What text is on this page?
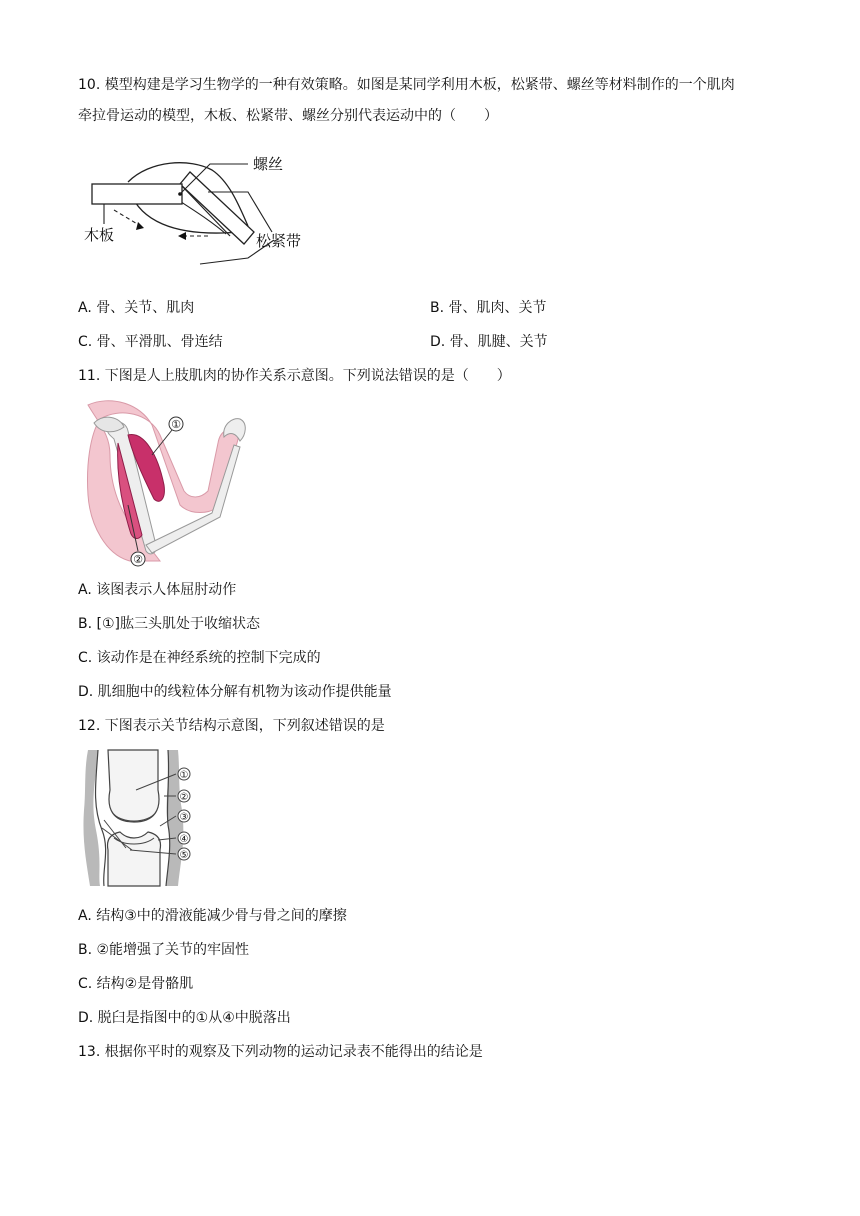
10. 模型构建是学习生物学的一种有效策略。如图是某同学利用木板，松紧带、螺丝等材料制作的一个肌肉
牵拉骨运动的模型，木板、松紧带、螺丝分别代表运动中的（　　）
螺丝
木板	松紧带
A. 骨、关节、肌肉	B. 骨、肌肉、关节
C. 骨、平滑肌、骨连结	D. 骨、肌腱、关节
11. 下图是人上肢肌肉的协作关系示意图。下列说法错误的是（　　）
①
②
A. 该图表示人体屈肘动作
B. [①]肱三头肌处于收缩状态
C. 该动作是在神经系统的控制下完成的
D. 肌细胞中的线粒体分解有机物为该动作提供能量
12. 下图表示关节结构示意图，下列叙述错误的是
①
②
③
④
⑤
A. 结构③中的滑液能减少骨与骨之间的摩擦
B. ②能增强了关节的牢固性
C. 结构②是骨骼肌
D. 脱臼是指图中的①从④中脱落出
13. 根据你平时的观察及下列动物的运动记录表不能得出的结论是
